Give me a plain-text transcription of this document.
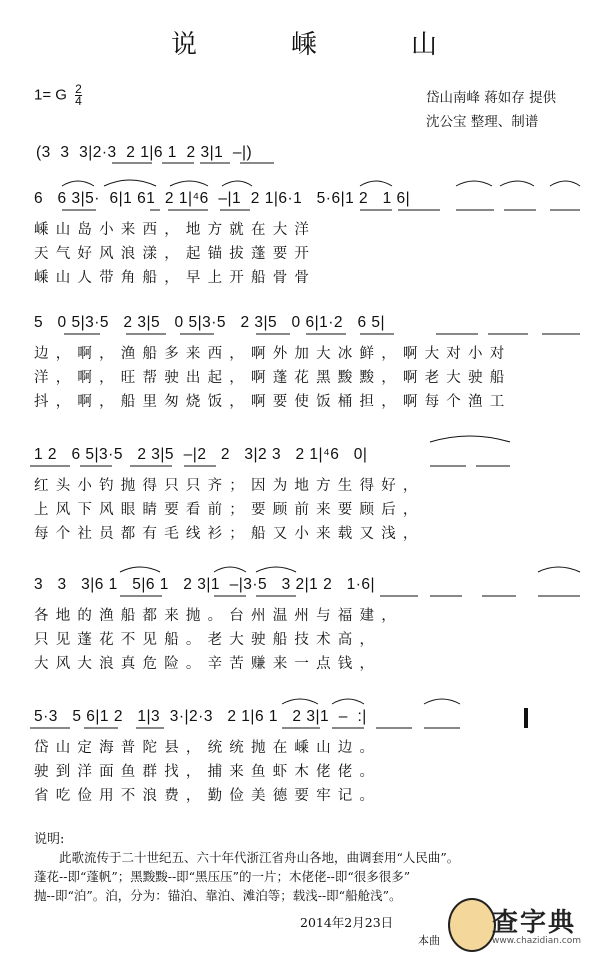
说　嵊　山
1= G $\frac{2}{4}$	岱山南峰 蒋如存 提供
沈公宝 整理、制谱
(3  3  3|2·3  2 1|6 1  2 3|1  –|)
6   6 3|5·  6|1 61  2 1|⁴6  –|1  2 1|6·1   5·6|1 2   1 6|
嵊山岛小来西，地方就在大洋
天气好风浪漾，起锚拔蓬要开
嵊山人带角船，早上开船骨骨
5   0 5|3·5   2 3|5   0 5|3·5   2 3|5   0 6|1·2   6 5|
边，啊，渔船多来西，啊外加大冰鲜，啊大对小对
洋，啊，旺帮驶出起，啊蓬花黑黢黢，啊老大驶船
抖，啊，船里匆烧饭，啊要使饭桶担，啊每个渔工
1 2   6 5|3·5   2 3|5  –|2   2   3|2 3   2 1|⁴6   0|
红头小钓抛得只只齐；因为地方生得好，
上风下风眼睛要看前；要顾前来要顾后，
每个社员都有毛线衫；船又小来载又浅，
3   3   3|6 1   5|6 1   2 3|1  –|3·5   3 2|1 2   1·6|
各地的渔船都来抛。台州温州与福建，
只见蓬花不见船。老大驶船技术高，
大风大浪真危险。辛苦赚来一点钱，
5·3   5 6|1 2   1|3  3·|2·3   2 1|6 1   2 3|1  –  :|
岱山定海普陀县，统统抛在嵊山边。
驶到洋面鱼群找，捕来鱼虾木佬佬。
省吃俭用不浪费，勤俭美德要牢记。
说明:
　　此歌流传于二十世纪五、六十年代浙江省舟山各地，曲调套用“人民曲”。
蓬花--即“蓬帆”；黑黢黢--即“黑压压”的一片；木佬佬--即“很多很多”
抛--即“泊”。泊，分为：锚泊、靠泊、滩泊等；载浅--即“船舱浅”。
2014年2月23日
本曲
查字典
www.chazidian.com
